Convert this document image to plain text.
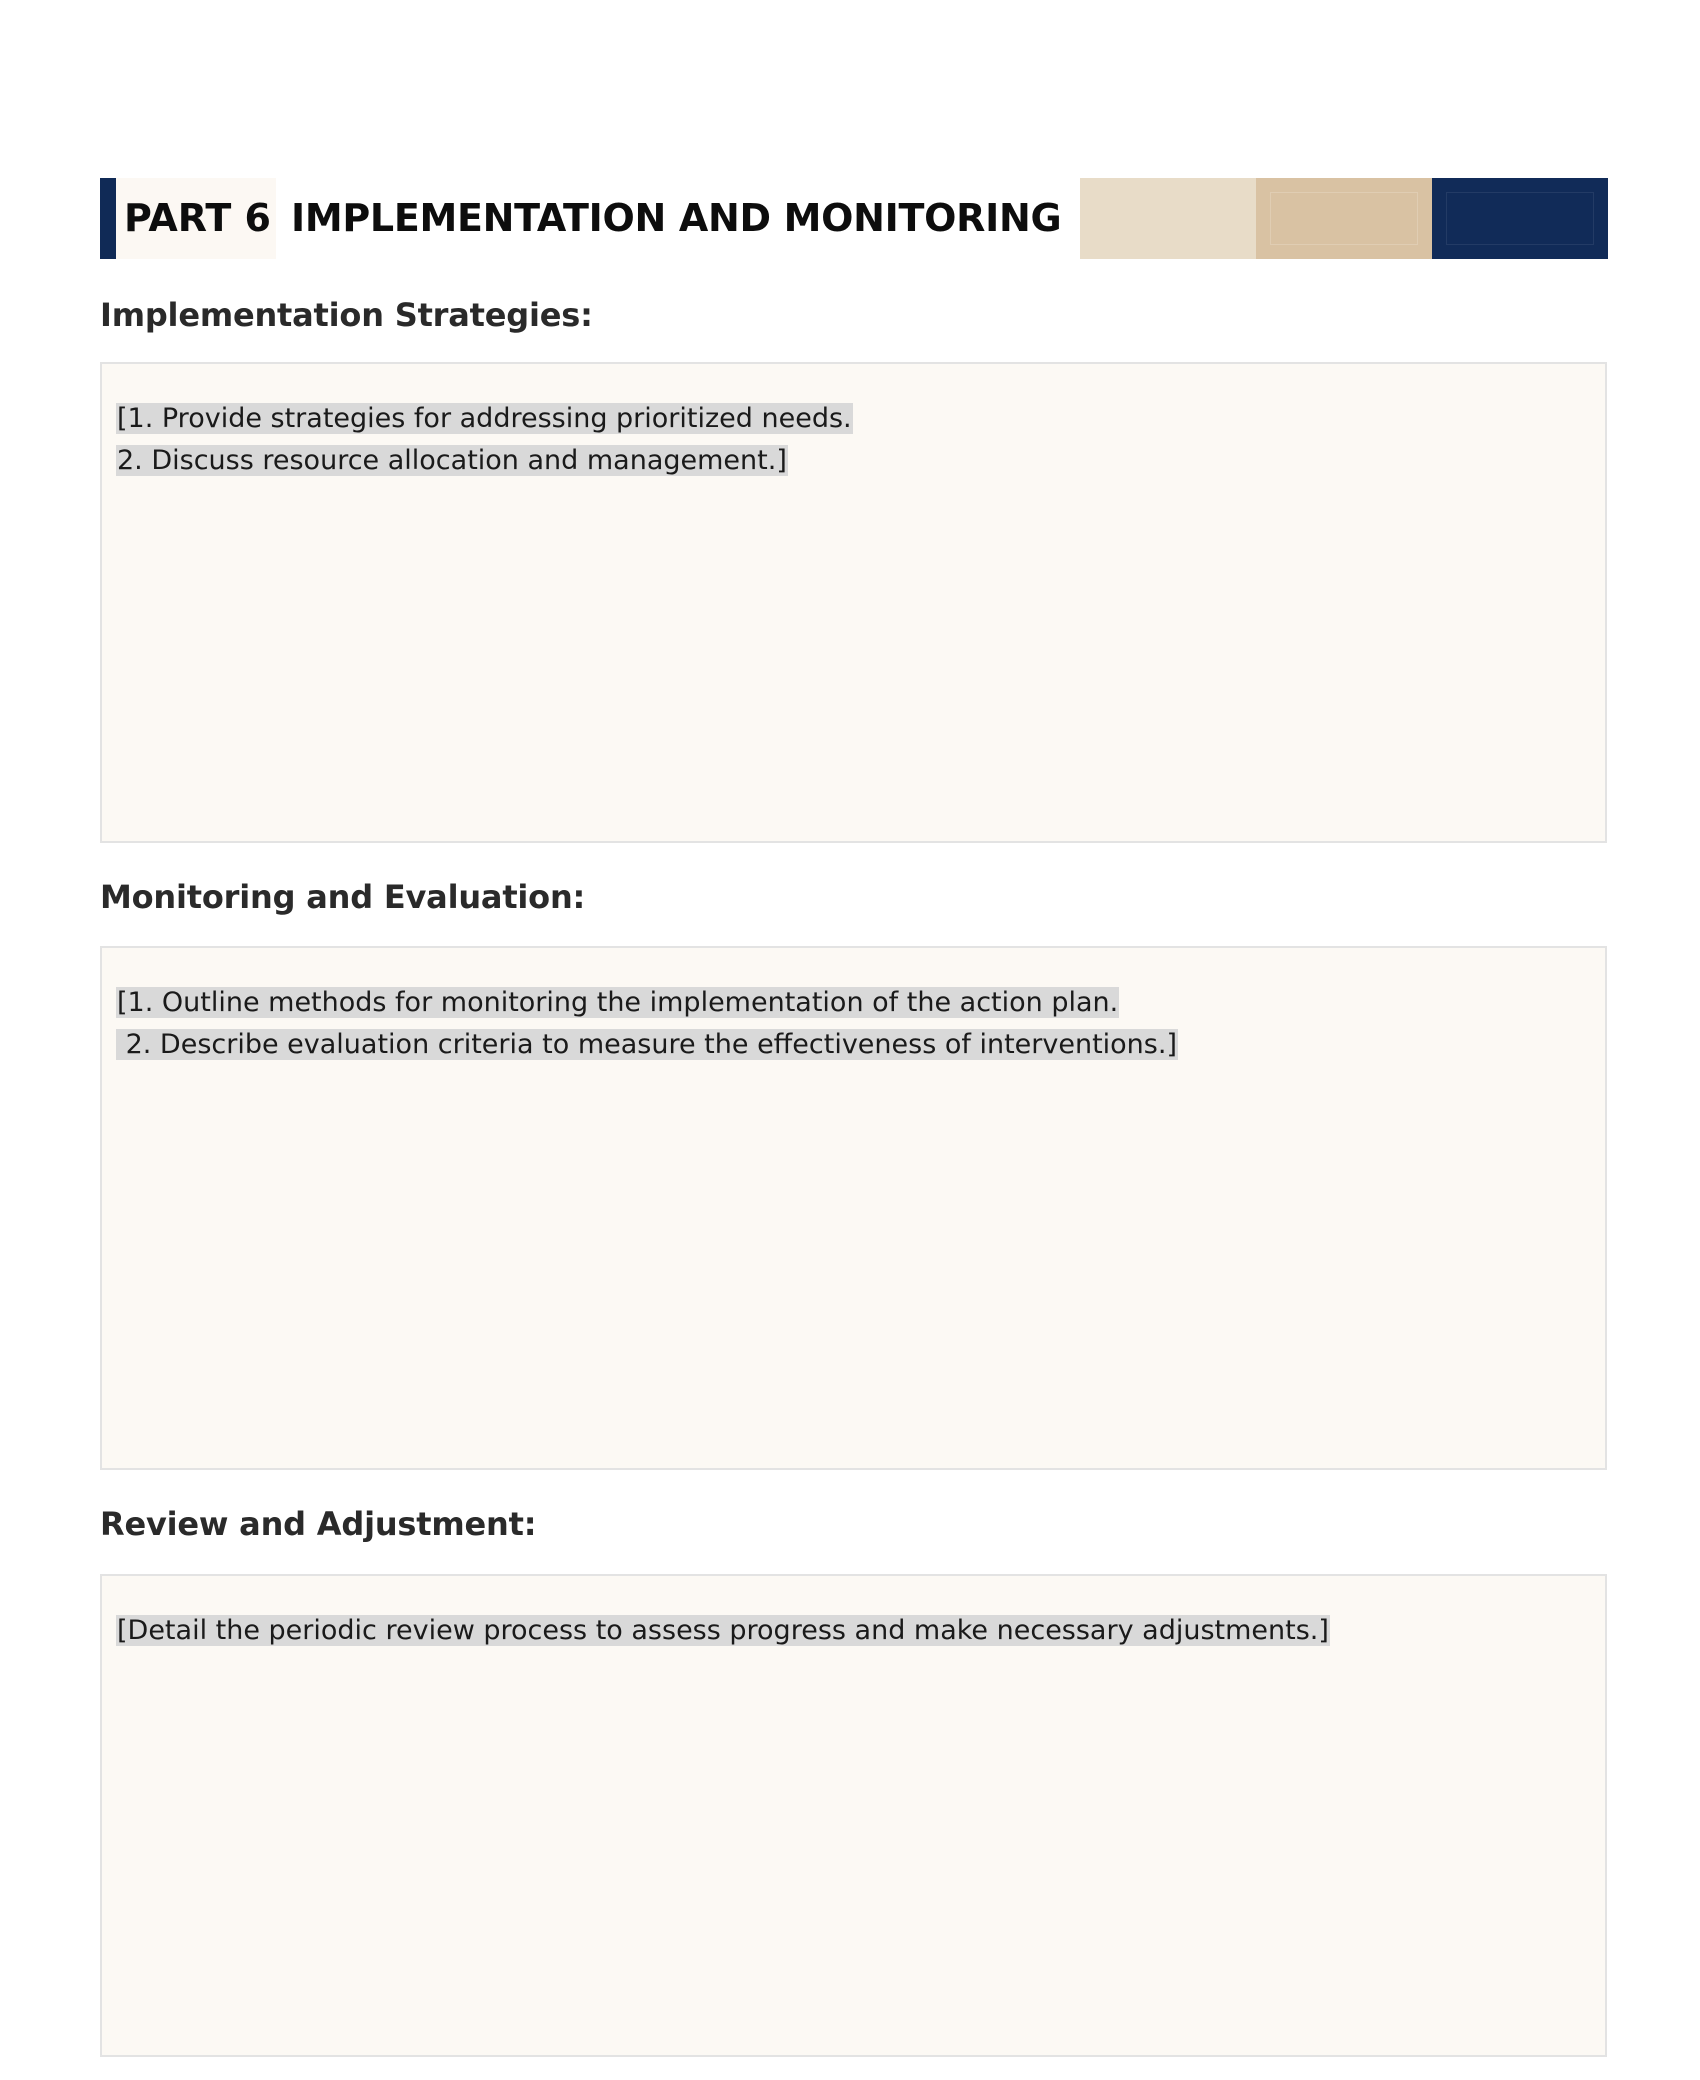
PART 6 IMPLEMENTATION AND MONITORING
Implementation Strategies:
[1. Provide strategies for addressing prioritized needs.
2. Discuss resource allocation and management.]
Monitoring and Evaluation:
[1. Outline methods for monitoring the implementation of the action plan.
2. Describe evaluation criteria to measure the effectiveness of interventions.]
Review and Adjustment:
[Detail the periodic review process to assess progress and make necessary adjustments.]
